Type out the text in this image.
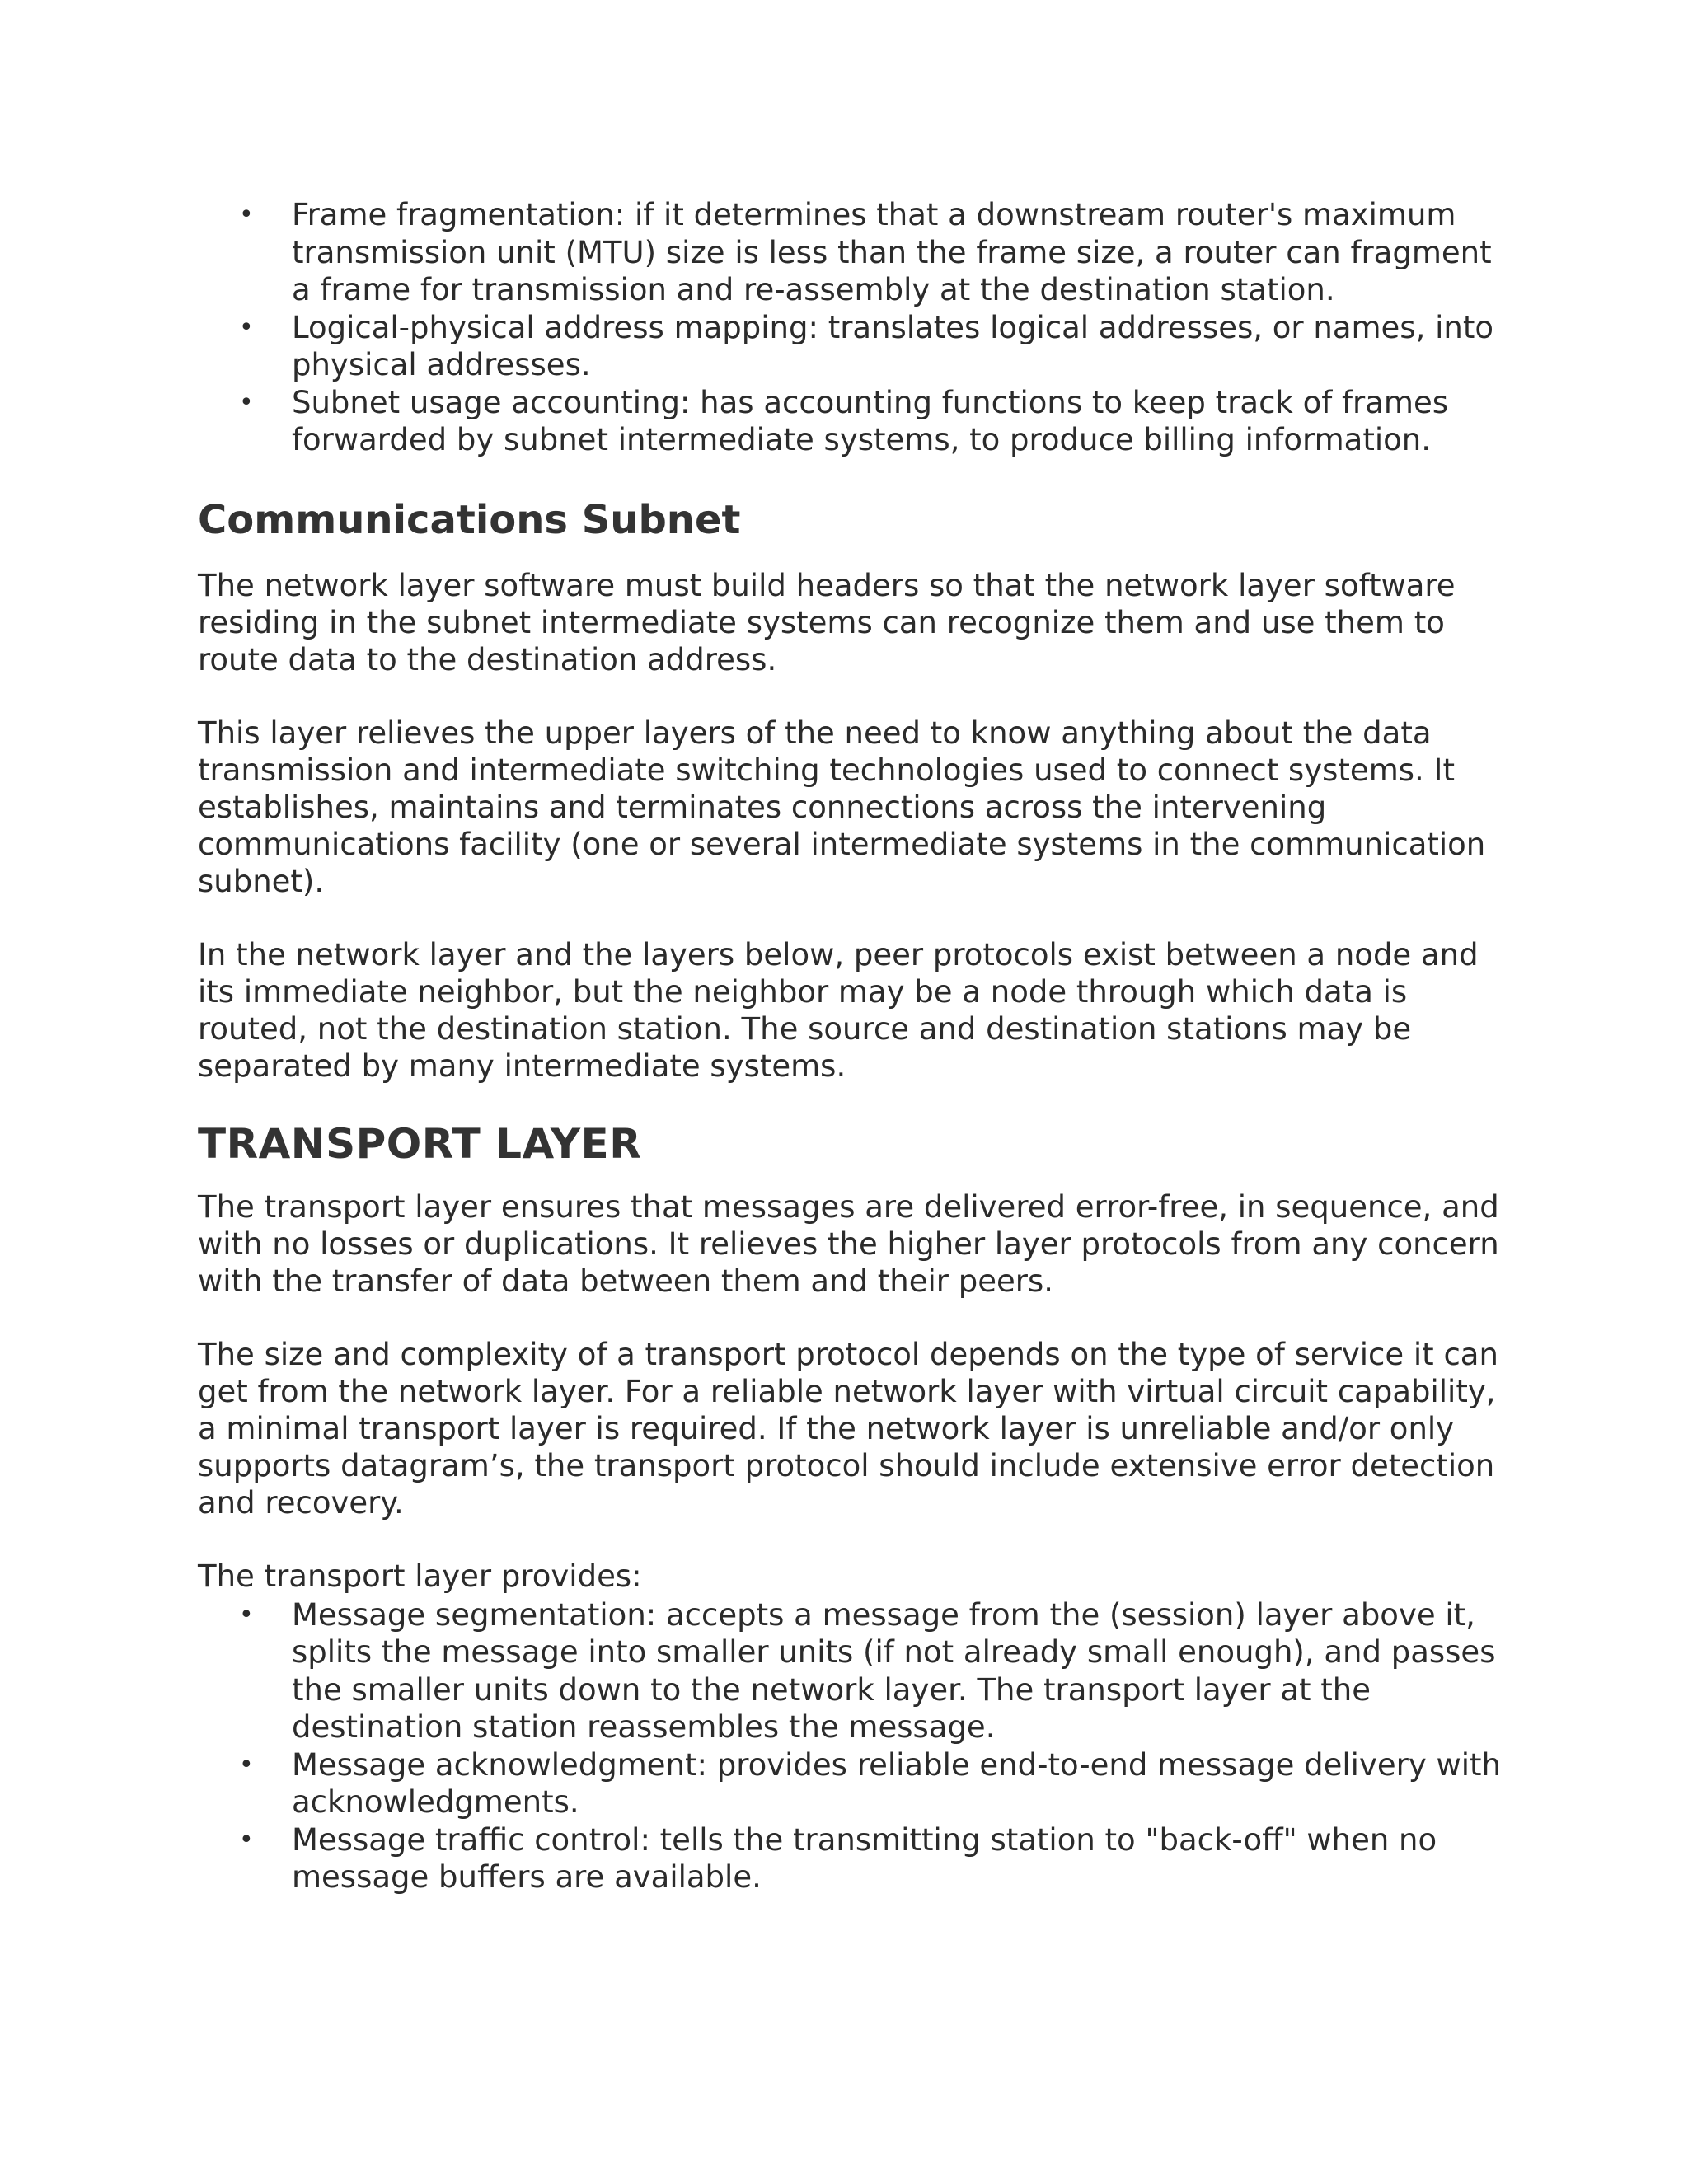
• Frame fragmentation: if it determines that a downstream router's maximum transmission unit (MTU) size is less than the frame size, a router can fragment a frame for transmission and re-assembly at the destination station.
• Logical-physical address mapping: translates logical addresses, or names, into physical addresses.
• Subnet usage accounting: has accounting functions to keep track of frames forwarded by subnet intermediate systems, to produce billing information.
Communications Subnet

The network layer software must build headers so that the network layer software residing in the subnet intermediate systems can recognize them and use them to route data to the destination address.

This layer relieves the upper layers of the need to know anything about the data transmission and intermediate switching technologies used to connect systems. It establishes, maintains and terminates connections across the intervening communications facility (one or several intermediate systems in the communication subnet).

In the network layer and the layers below, peer protocols exist between a node and its immediate neighbor, but the neighbor may be a node through which data is routed, not the destination station. The source and destination stations may be separated by many intermediate systems.

TRANSPORT LAYER

The transport layer ensures that messages are delivered error-free, in sequence, and with no losses or duplications. It relieves the higher layer protocols from any concern with the transfer of data between them and their peers.

The size and complexity of a transport protocol depends on the type of service it can get from the network layer. For a reliable network layer with virtual circuit capability, a minimal transport layer is required. If the network layer is unreliable and/or only supports datagram’s, the transport protocol should include extensive error detection and recovery.

The transport layer provides:

• Message segmentation: accepts a message from the (session) layer above it, splits the message into smaller units (if not already small enough), and passes the smaller units down to the network layer. The transport layer at the destination station reassembles the message.
• Message acknowledgment: provides reliable end-to-end message delivery with acknowledgments.
• Message traffic control: tells the transmitting station to "back-off" when no message buffers are available.
